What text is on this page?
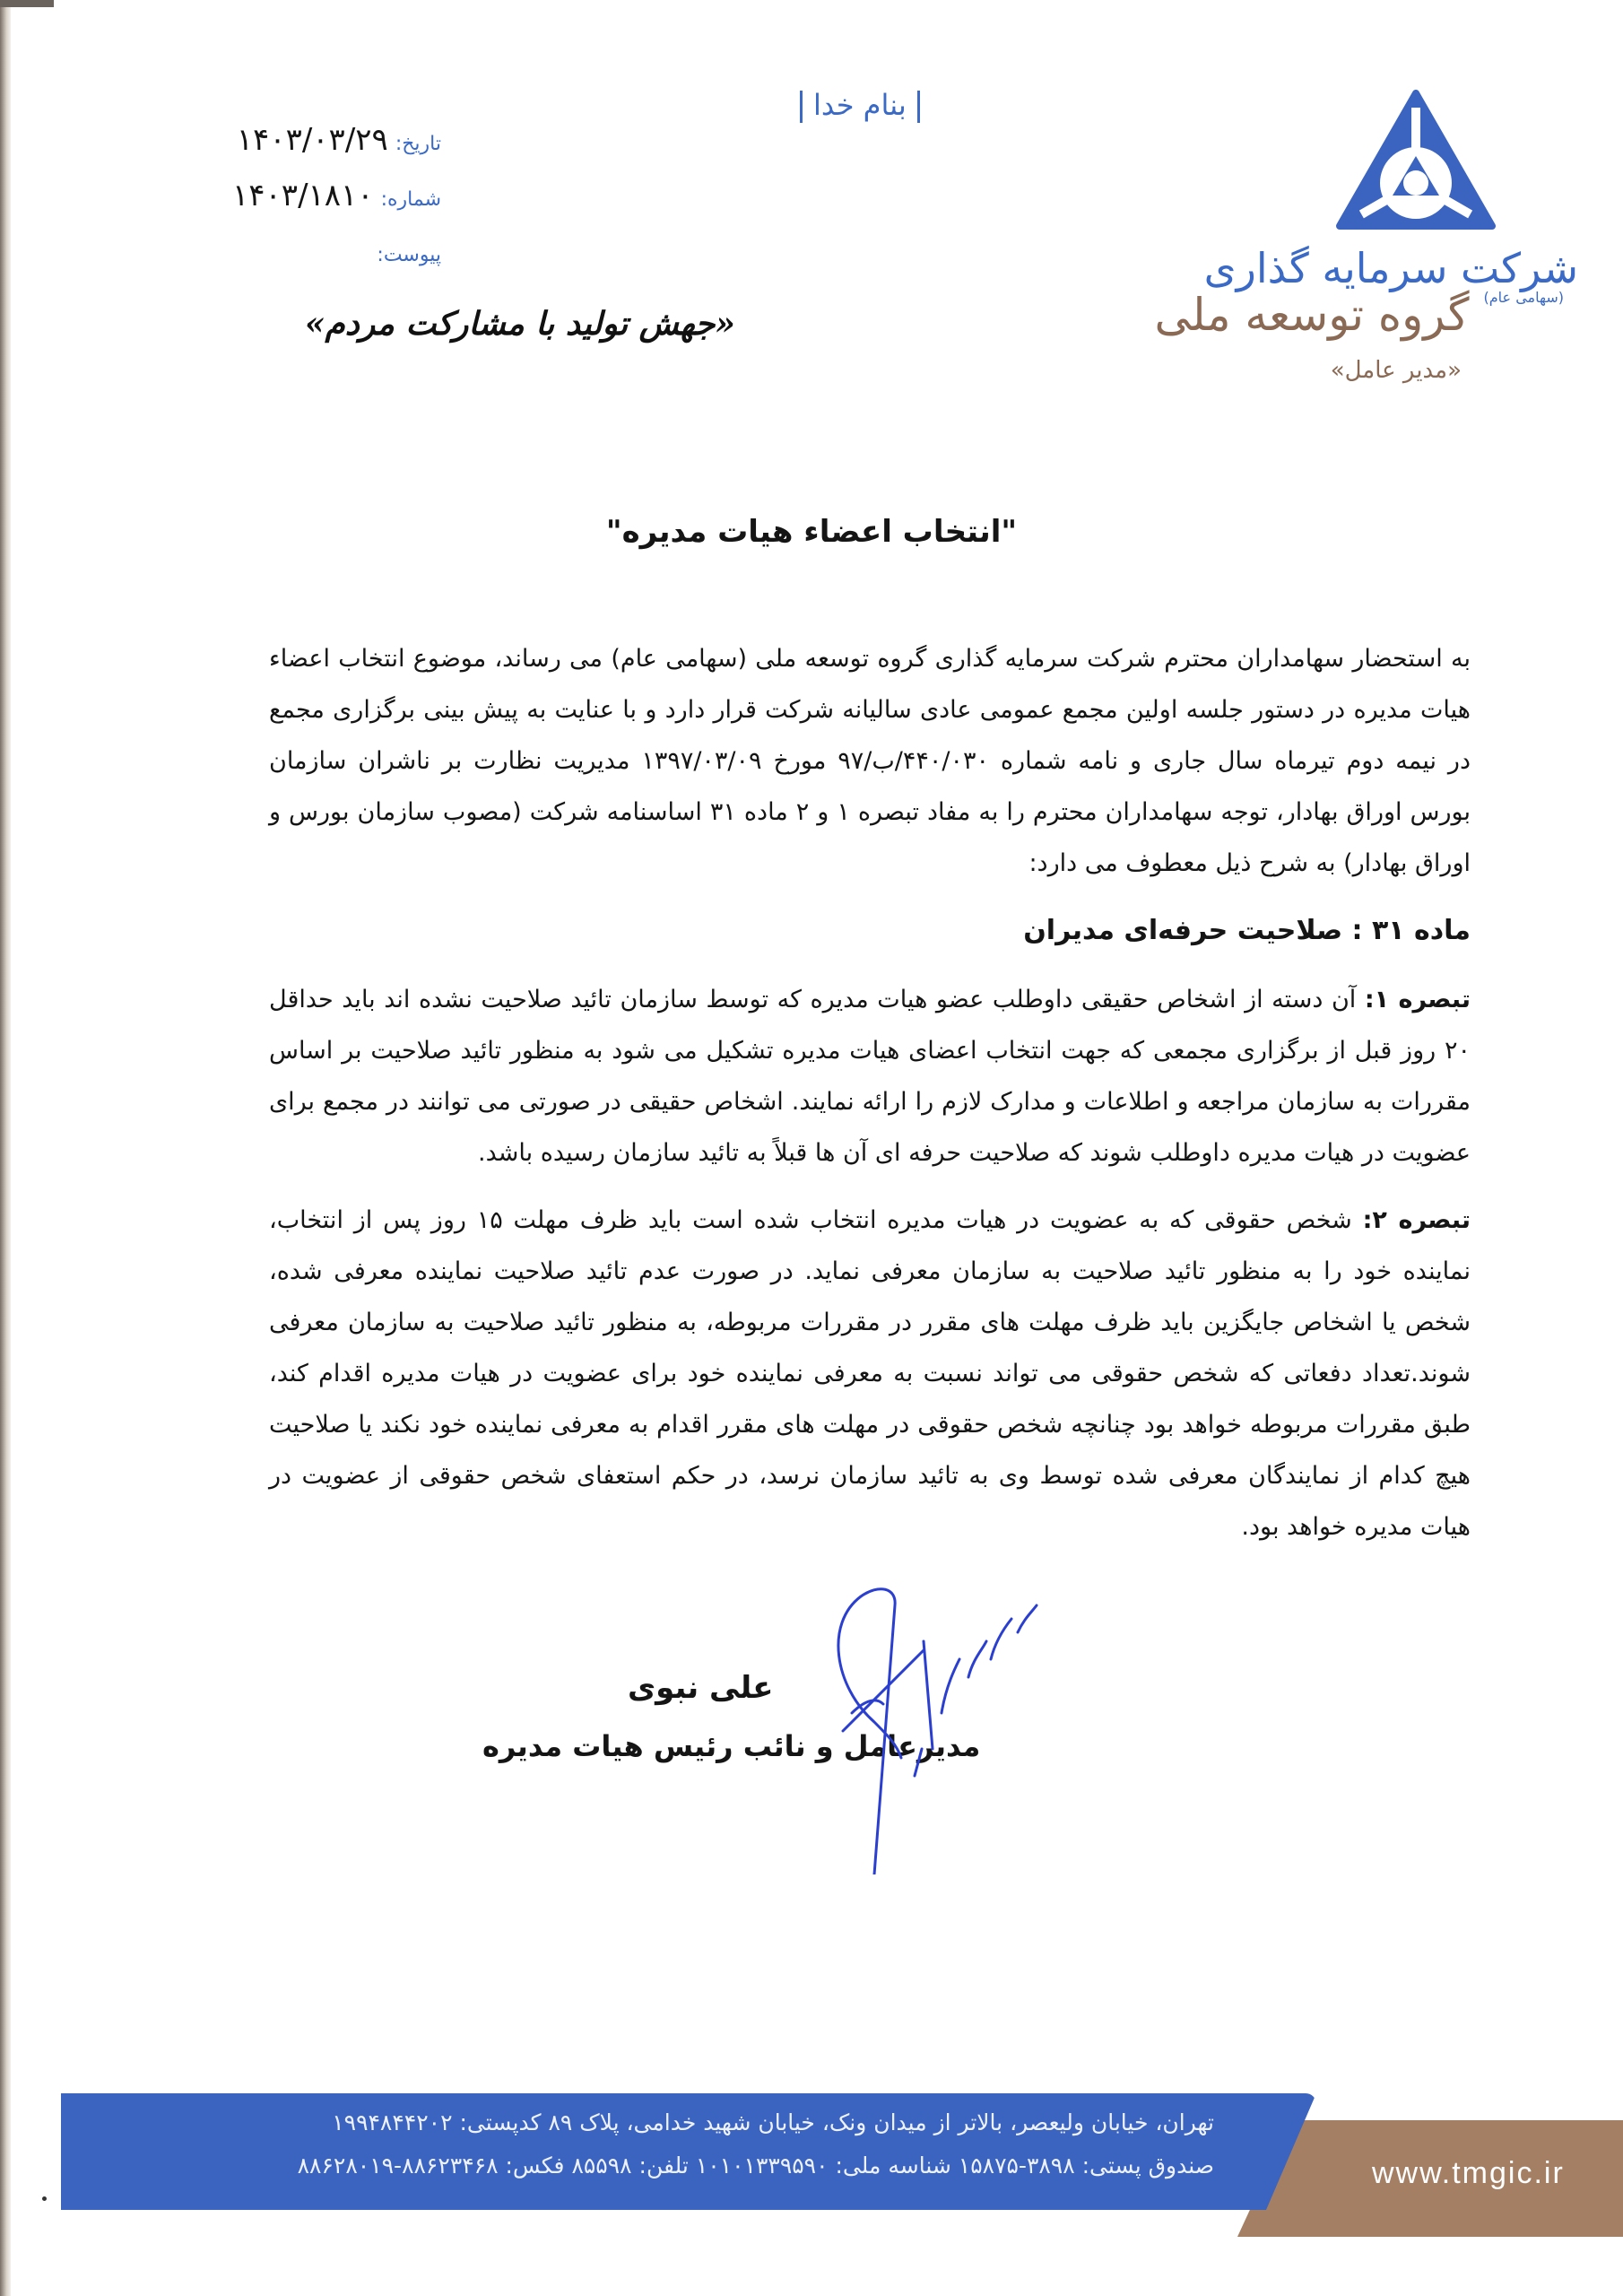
شرکت سرمایه گذاری
$^{(سهامی عام)}$ گروه توسعه ملی
«مدیر عامل»
بنام خدا
تاریخ:۱۴۰۳/۰۳/۲۹
شماره:۱۴۰۳/۱۸۱۰
پیوست:
«جهش تولید با مشارکت مردم»
"انتخاب اعضاء هیات مدیره"

به استحضار سهامداران محترم شرکت سرمایه گذاری گروه توسعه ملی (سهامی عام) می رساند، موضوع انتخاب اعضاء هیات مدیره در دستور جلسه اولین مجمع عمومی عادی سالیانه شرکت قرار دارد و با عنایت به پیش بینی برگزاری مجمع در نیمه دوم تیرماه سال جاری و نامه شماره ۴۴۰/۰۳۰/ب/۹۷ مورخ ۱۳۹۷/۰۳/۰۹ مدیریت نظارت بر ناشران سازمان بورس اوراق بهادار، توجه سهامداران محترم را به مفاد تبصره ۱ و ۲ ماده ۳۱ اساسنامه شرکت (مصوب سازمان بورس و اوراق بهادار) به شرح ذیل معطوف می دارد:

ماده ۳۱ : صلاحیت حرفه‌ای مدیران

تبصره ۱: آن دسته از اشخاص حقیقی داوطلب عضو هیات مدیره که توسط سازمان تائید صلاحیت نشده اند باید حداقل ۲۰ روز قبل از برگزاری مجمعی که جهت انتخاب اعضای هیات مدیره تشکیل می شود به منظور تائید صلاحیت بر اساس مقررات به سازمان مراجعه و اطلاعات و مدارک لازم را ارائه نمایند. اشخاص حقیقی در صورتی می توانند در مجمع برای عضویت در هیات مدیره داوطلب شوند که صلاحیت حرفه ای آن ها قبلاً به تائید سازمان رسیده باشد.

تبصره ۲: شخص حقوقی که به عضویت در هیات مدیره انتخاب شده است باید ظرف مهلت ۱۵ روز پس از انتخاب، نماینده خود را به منظور تائید صلاحیت به سازمان معرفی نماید. در صورت عدم تائید صلاحیت نماینده معرفی شده، شخص یا اشخاص جایگزین باید ظرف مهلت های مقرر در مقررات مربوطه، به منظور تائید صلاحیت به سازمان معرفی شوند.تعداد دفعاتی که شخص حقوقی می تواند نسبت به معرفی نماینده خود برای عضویت در هیات مدیره اقدام کند، طبق مقررات مربوطه خواهد بود چنانچه شخص حقوقی در مهلت های مقرر اقدام به معرفی نماینده خود نکند یا صلاحیت هیچ کدام از نمایندگان معرفی شده توسط وی به تائید سازمان نرسد، در حکم استعفای شخص حقوقی از عضویت در هیات مدیره خواهد بود.

علی نبوی
مدیرعامل و نائب رئیس هیات مدیره
تهران، خیابان ولیعصر، بالاتر از میدان ونک، خیابان شهید خدامی، پلاک ۸۹ کدپستی: ۱۹۹۴۸۴۴۲۰۲
صندوق پستی: ۳۸۹۸-۱۵۸۷۵ شناسه ملی: ۱۰۱۰۱۳۳۹۵۹۰ تلفن: ۸۵۵۹۸ فکس: ۸۸۶۲۳۴۶۸-۸۸۶۲۸۰۱۹	www.tmgic.ir
